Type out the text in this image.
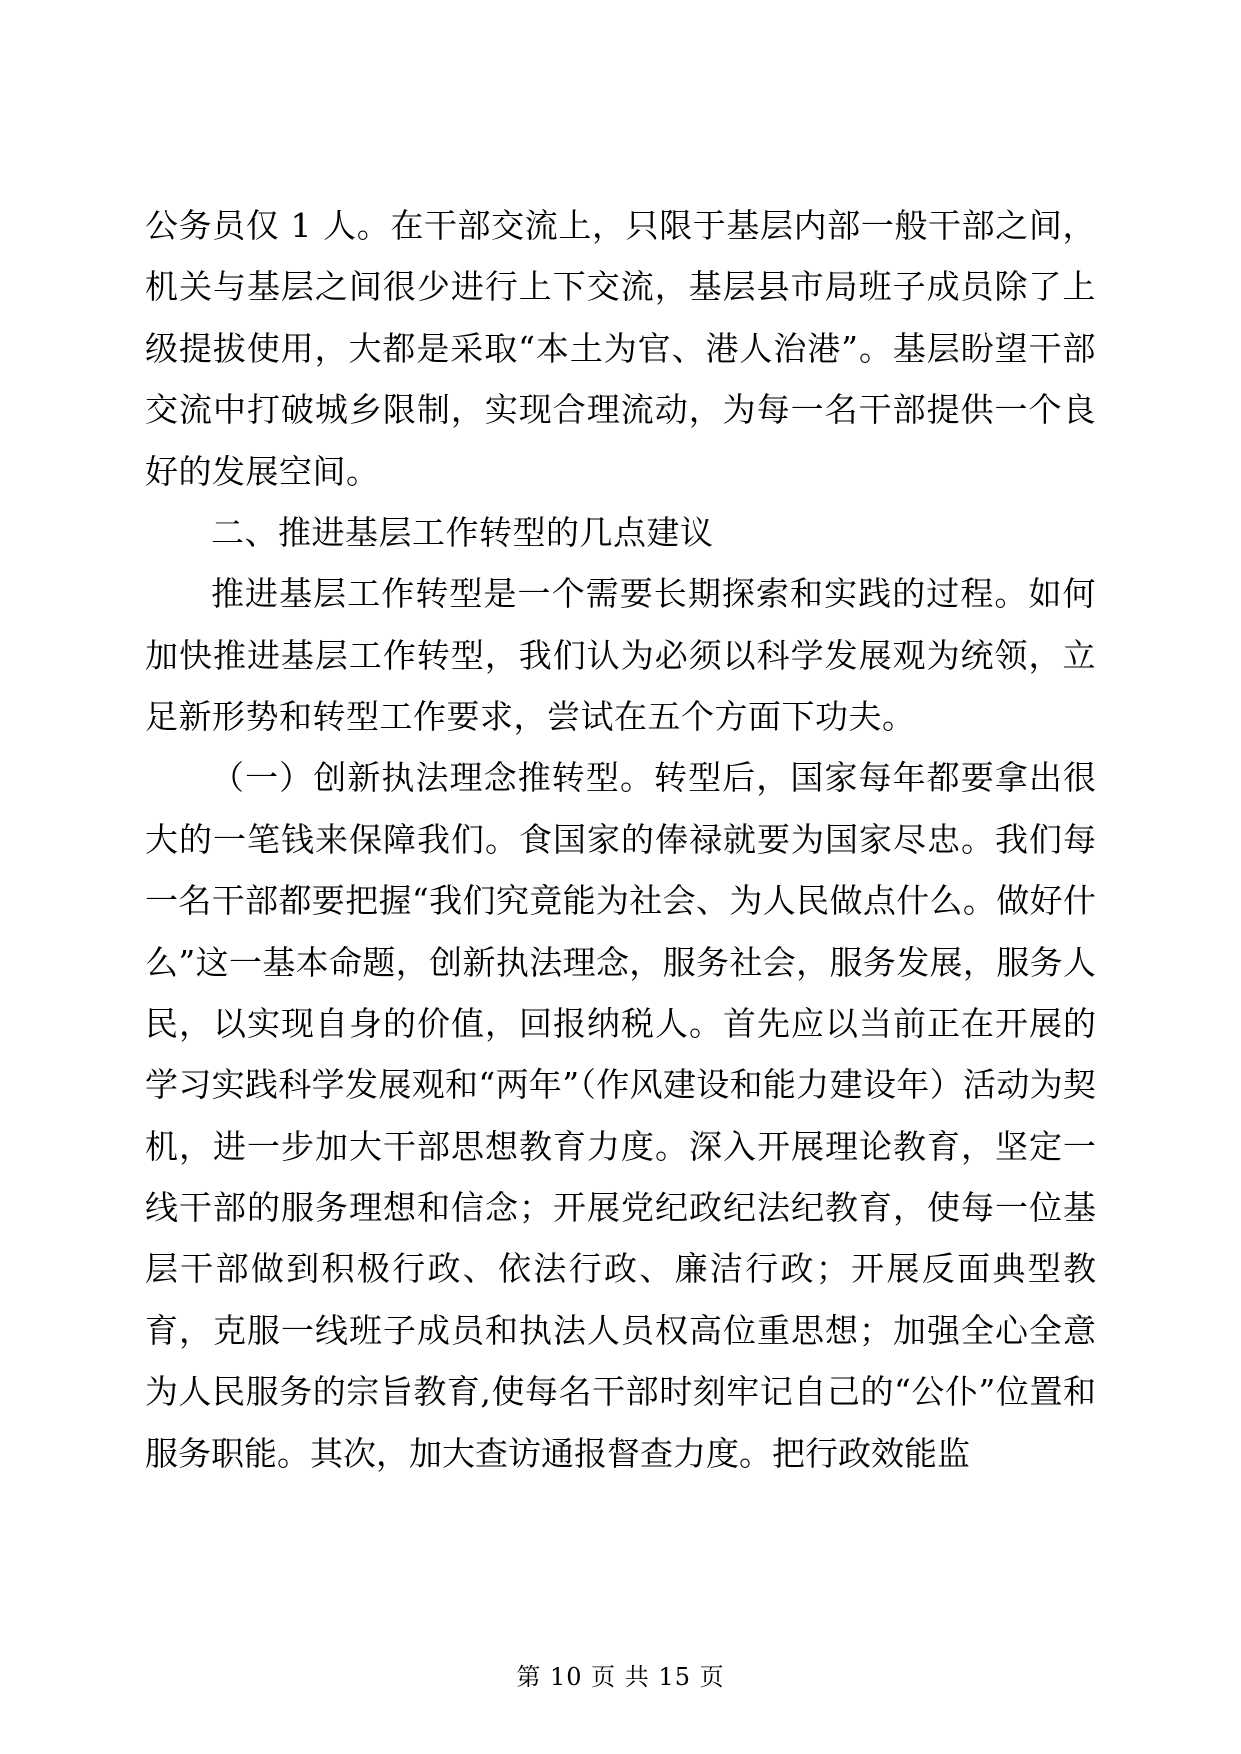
公务员仅 1 人。在干部交流上，只限于基层内部一般干部之间，机关与基层之间很少进行上下交流，基层县市局班子成员除了上级提拔使用，大都是采取“本土为官、港人治港”。基层盼望干部交流中打破城乡限制，实现合理流动，为每一名干部提供一个良好的发展空间。

二、推进基层工作转型的几点建议

推进基层工作转型是一个需要长期探索和实践的过程。如何加快推进基层工作转型，我们认为必须以科学发展观为统领，立足新形势和转型工作要求，尝试在五个方面下功夫。

（一）创新执法理念推转型。转型后，国家每年都要拿出很大的一笔钱来保障我们。食国家的俸禄就要为国家尽忠。我们每一名干部都要把握“我们究竟能为社会、为人民做点什么。做好什么”这一基本命题，创新执法理念，服务社会，服务发展，服务人民，以实现自身的价值，回报纳税人。首先应以当前正在开展的学习实践科学发展观和“两年”（作风建设和能力建设年）活动为契机，进一步加大干部思想教育力度。深入开展理论教育，坚定一线干部的服务理想和信念；开展党纪政纪法纪教育，使每一位基层干部做到积极行政、依法行政、廉洁行政；开展反面典型教育，克服一线班子成员和执法人员权高位重思想；加强全心全意为人民服务的宗旨教育,使每名干部时刻牢记自己的“公仆”位置和服务职能。其次，加大查访通报督查力度。把行政效能监

第 10 页 共 15 页
